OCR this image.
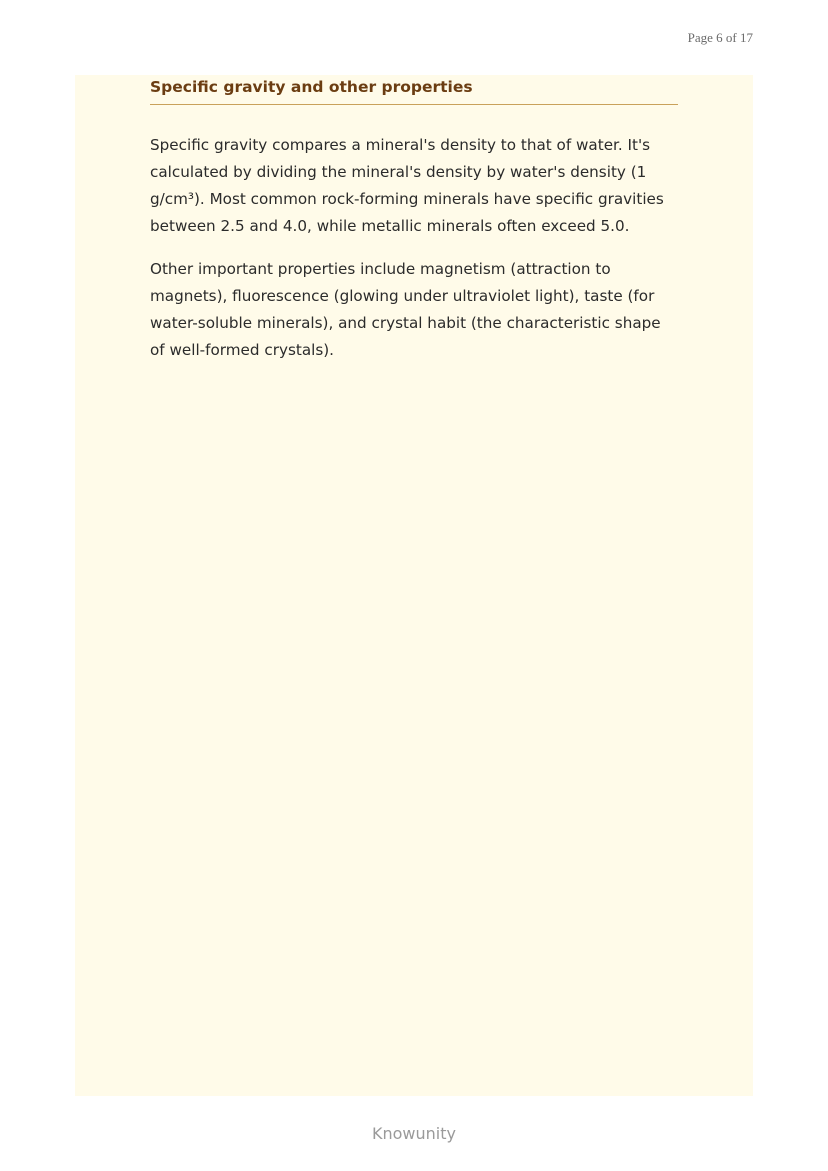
Page 6 of 17
Specific gravity and other properties

Specific gravity compares a mineral's density to that of water. It's calculated by dividing the mineral's density by water's density (1 g/cm³). Most common rock-forming minerals have specific gravities between 2.5 and 4.0, while metallic minerals often exceed 5.0.

Other important properties include magnetism (attraction to magnets), fluorescence (glowing under ultraviolet light), taste (for water-soluble minerals), and crystal habit (the characteristic shape of well-formed crystals).

Knowunity
